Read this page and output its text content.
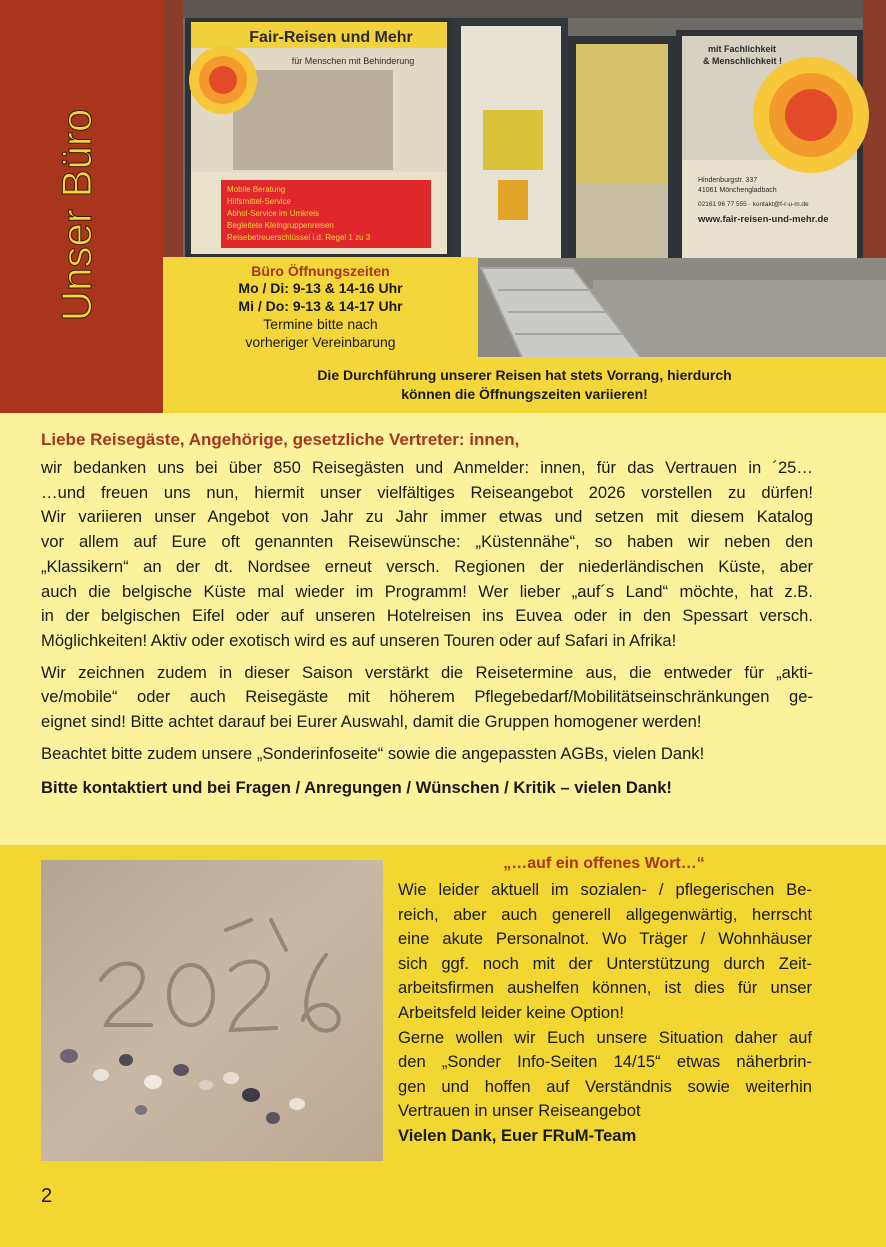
Unser Büro
Fair-Reisen und Mehr
für Menschen mit Behinderung
Mobile Beratung
Hilfsmittel-Service
Abhol-Service im Umkreis
Begleitete Kleingruppenreisen
Reisebetreuerschlüssel i.d. Regel 1 zu 3
mit Fachlichkeit
& Menschlichkeit !
Hindenburgstr. 337
41061 Mönchengladbach
02161 96 77 555 · kontakt@f-r-u-m.de
www.fair-reisen-und-mehr.de
Büro Öffnungszeiten
Mo / Di: 9-13 & 14-16 Uhr
Mi / Do: 9-13 & 14-17 Uhr
Termine bitte nach
vorheriger Vereinbarung
Die Durchführung unserer Reisen hat stets Vorrang, hierdurch
können die Öffnungszeiten variieren!
Liebe Reisegäste, Angehörige, gesetzliche Vertreter: innen,

wir bedanken uns bei über 850 Reisegästen und Anmelder: innen, für das Vertrauen in ´25…
…und freuen uns nun, hiermit unser vielfältiges Reiseangebot 2026 vorstellen zu dürfen!
Wir variieren unser Angebot von Jahr zu Jahr immer etwas und setzen mit diesem Katalog
vor allem auf Eure oft genannten Reisewünsche: „Küstennähe“, so haben wir neben den
„Klassikern“ an der dt. Nordsee erneut versch. Regionen der niederländischen Küste, aber
auch die belgische Küste mal wieder im Programm! Wer lieber „auf´s Land“ möchte, hat z.B.
in der belgischen Eifel oder auf unseren Hotelreisen ins Euvea oder in den Spessart versch.
Möglichkeiten! Aktiv oder exotisch wird es auf unseren Touren oder auf Safari in Afrika!

Wir zeichnen zudem in dieser Saison verstärkt die Reisetermine aus, die entweder für „akti-
ve/mobile“ oder auch Reisegäste mit höherem Pflegebedarf/Mobilitätseinschränkungen ge-
eignet sind! Bitte achtet darauf bei Eurer Auswahl, damit die Gruppen homogener werden!

Beachtet bitte zudem unsere „Sonderinfoseite“ sowie die angepassten AGBs, vielen Dank!

Bitte kontaktiert und bei Fragen / Anregungen / Wünschen / Kritik – vielen Dank!

„…auf ein offenes Wort…“
Wie leider aktuell im sozialen- / pflegerischen Be-
reich, aber auch generell allgegenwärtig, herrscht
eine akute Personalnot. Wo Träger / Wohnhäuser
sich ggf. noch mit der Unterstützung durch Zeit-
arbeitsfirmen aushelfen können, ist dies für unser
Arbeitsfeld leider keine Option!
Gerne wollen wir Euch unsere Situation daher auf
den „Sonder Info-Seiten 14/15“ etwas näherbrin-
gen und hoffen auf Verständnis sowie weiterhin
Vertrauen in unser Reiseangebot
Vielen Dank, Euer FRuM-Team
2
